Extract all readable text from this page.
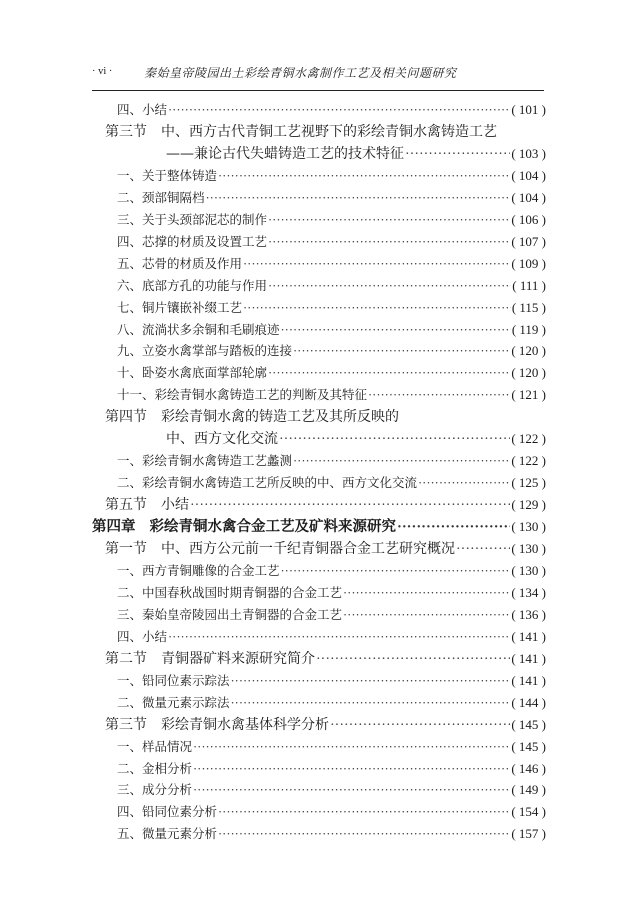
· vi ·	秦始皇帝陵园出土彩绘青铜水禽制作工艺及相关问题研究
四、小结 ·····	( 101 )
第三节 中、西方古代青铜工艺视野下的彩绘青铜水禽铸造工艺
——兼论古代失蜡铸造工艺的技术特征 ·····	( 103 )
一、关于整体铸造 ·····	( 104 )
二、颈部铜隔档 ·····	( 104 )
三、关于头颈部泥芯的制作 ·····	( 106 )
四、芯撑的材质及设置工艺 ·····	( 107 )
五、芯骨的材质及作用 ·····	( 109 )
六、底部方孔的功能与作用 ·····	( 111 )
七、铜片镶嵌补缀工艺 ·····	( 115 )
八、流淌状多余铜和毛刷痕迹 ·····	( 119 )
九、立姿水禽掌部与踏板的连接 ·····	( 120 )
十、卧姿水禽底面掌部轮廓 ·····	( 120 )
十一、彩绘青铜水禽铸造工艺的判断及其特征 ·····	( 121 )
第四节 彩绘青铜水禽的铸造工艺及其所反映的
中、西方文化交流 ·····	( 122 )
一、彩绘青铜水禽铸造工艺蠡测 ·····	( 122 )
二、彩绘青铜水禽铸造工艺所反映的中、西方文化交流 ·····	( 125 )
第五节 小结 ·····	( 129 )
第四章 彩绘青铜水禽合金工艺及矿料来源研究 ·····	( 130 )
第一节 中、西方公元前一千纪青铜器合金工艺研究概况 ·····	( 130 )
一、西方青铜雕像的合金工艺 ·····	( 130 )
二、中国春秋战国时期青铜器的合金工艺 ·····	( 134 )
三、秦始皇帝陵园出土青铜器的合金工艺 ·····	( 136 )
四、小结 ·····	( 141 )
第二节 青铜器矿料来源研究简介 ·····	( 141 )
一、铅同位素示踪法 ·····	( 141 )
二、微量元素示踪法 ·····	( 144 )
第三节 彩绘青铜水禽基体科学分析 ·····	( 145 )
一、样品情况 ·····	( 145 )
二、金相分析 ·····	( 146 )
三、成分分析 ·····	( 149 )
四、铅同位素分析 ·····	( 154 )
五、微量元素分析 ·····	( 157 )
